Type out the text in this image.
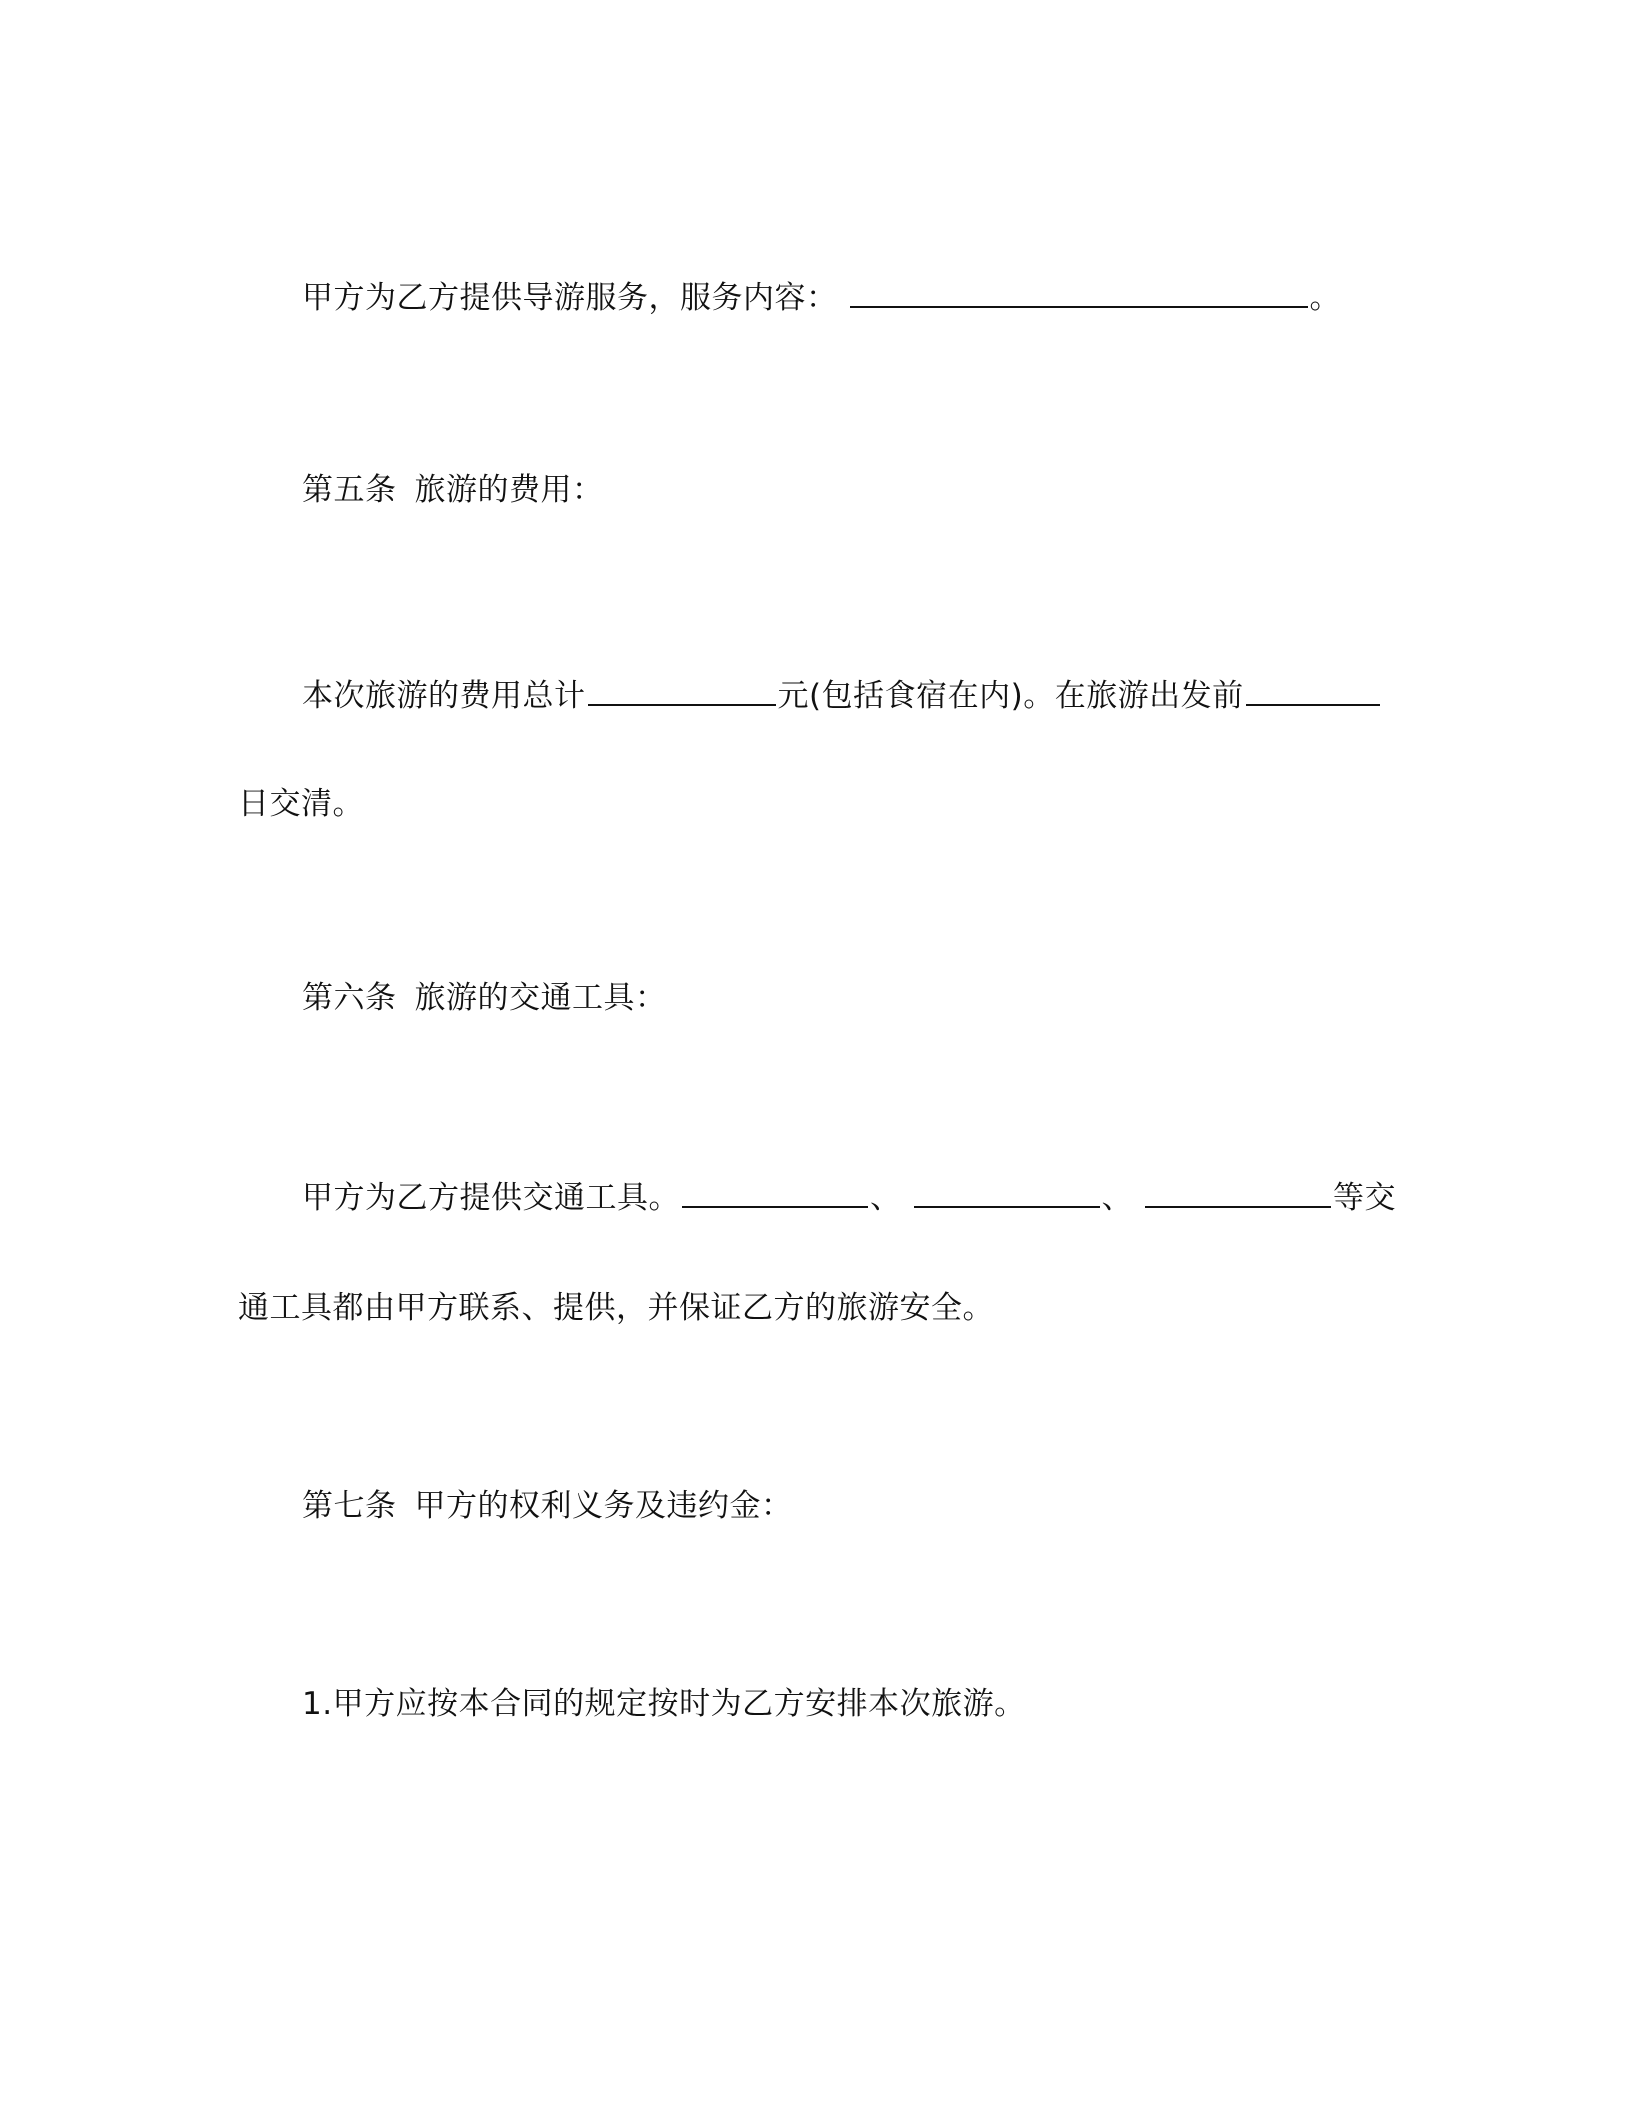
甲方为乙方提供导游服务，服务内容：	。
第五条 旅游的费用：
本次旅游的费用总计	元(包括食宿在内)。在旅游出发前
日交清。
第六条 旅游的交通工具：
甲方为乙方提供交通工具。	、	、	等交
通工具都由甲方联系、提供，并保证乙方的旅游安全。
第七条 甲方的权利义务及违约金：
1.甲方应按本合同的规定按时为乙方安排本次旅游。
